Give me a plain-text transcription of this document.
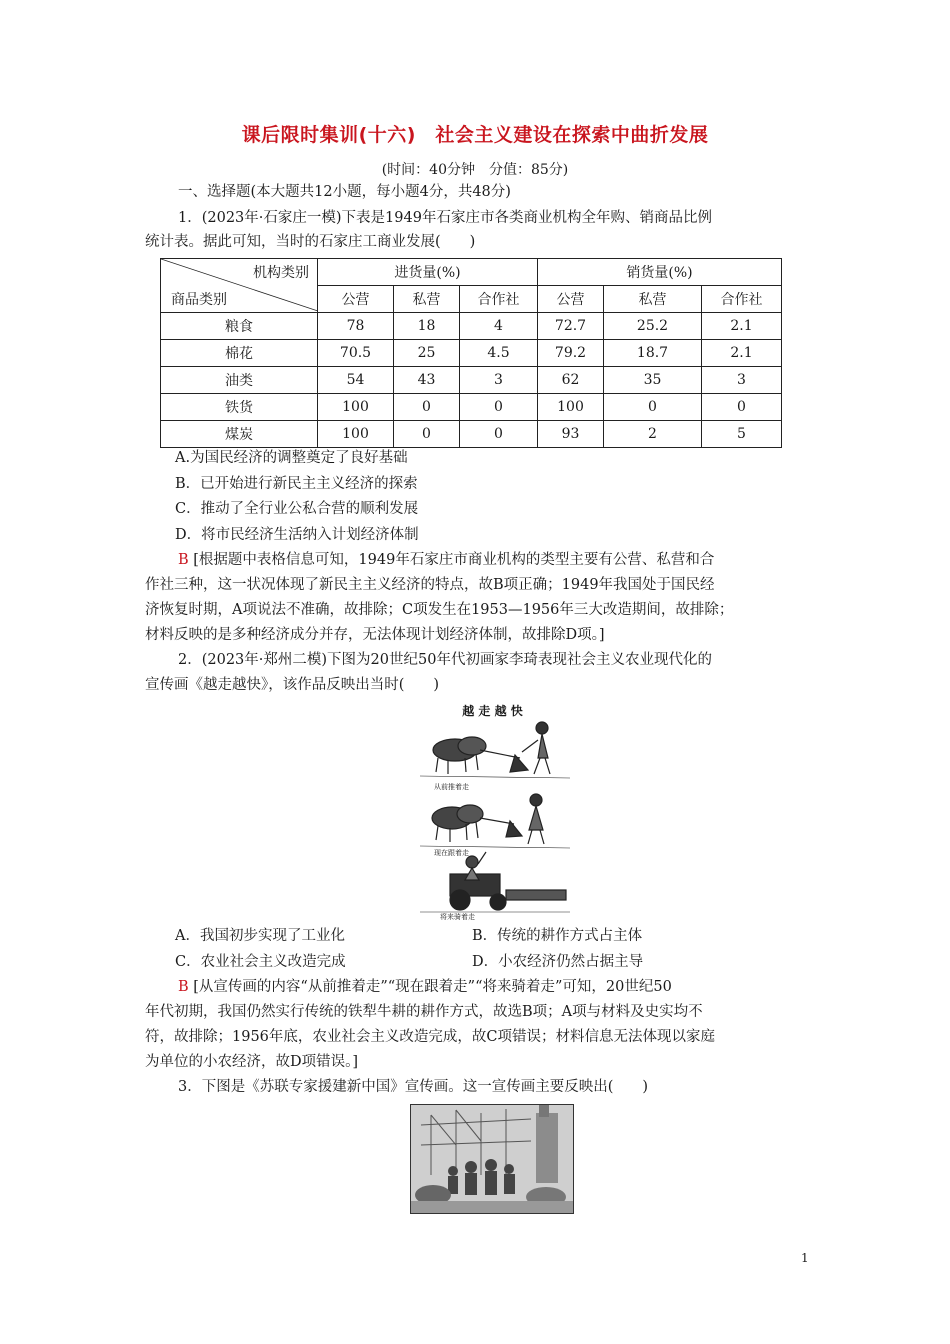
课后限时集训(十六)　社会主义建设在探索中曲折发展
(时间：40分钟　分值：85分)
一、选择题(本大题共12小题，每小题4分，共48分)
1．(2023年·石家庄一模)下表是1949年石家庄市各类商业机构全年购、销商品比例
统计表。据此可知，当时的石家庄工商业发展(　　)
机构类别
商品类别	进货量(%)			销货量(%)		
	公营	私营	合作社	公营	私营	合作社
粮食	78	18	4	72.7	25.2	2.1
棉花	70.5	25	4.5	79.2	18.7	2.1
油类	54	43	3	62	35	3
铁货	100	0	0	100	0	0
煤炭	100	0	0	93	2	5
A.为国民经济的调整奠定了良好基础
B．已开始进行新民主主义经济的探索
C．推动了全行业公私合营的顺利发展
D．将市民经济生活纳入计划经济体制
B [根据题中表格信息可知，1949年石家庄市商业机构的类型主要有公营、私营和合
作社三种，这一状况体现了新民主主义经济的特点，故B项正确；1949年我国处于国民经
济恢复时期，A项说法不准确，故排除；C项发生在1953—1956年三大改造期间，故排除；
材料反映的是多种经济成分并存，无法体现计划经济体制，故排除D项。]
2．(2023年·郑州二模)下图为20世纪50年代初画家李琦表现社会主义农业现代化的
宣传画《越走越快》，该作品反映出当时(　　)
越 走 越 快
从前推着走
现在跟着走
将来骑着走
A．我国初步实现了工业化	B．传统的耕作方式占主体
C．农业社会主义改造完成	D．小农经济仍然占据主导
B [从宣传画的内容“从前推着走”“现在跟着走”“将来骑着走”可知，20世纪50
年代初期，我国仍然实行传统的铁犁牛耕的耕作方式，故选B项；A项与材料及史实均不
符，故排除；1956年底，农业社会主义改造完成，故C项错误；材料信息无法体现以家庭
为单位的小农经济，故D项错误。]
3．下图是《苏联专家援建新中国》宣传画。这一宣传画主要反映出(　　)
1
